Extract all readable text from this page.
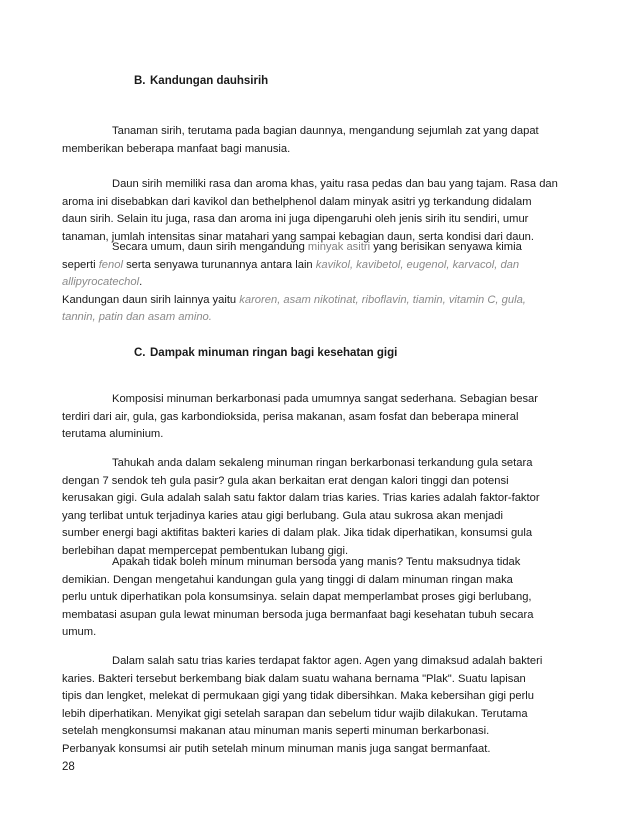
B. Kandungan dauhsirih
Tanaman sirih, terutama pada bagian daunnya, mengandung sejumlah zat yang dapat
memberikan beberapa manfaat bagi manusia.
Daun sirih memiliki rasa dan aroma khas, yaitu rasa pedas dan bau yang tajam. Rasa dan
aroma ini disebabkan dari kavikol dan bethelphenol dalam minyak asitri yg terkandung didalam
daun sirih. Selain itu juga, rasa dan aroma ini juga dipengaruhi oleh jenis sirih itu sendiri, umur
tanaman, jumlah intensitas sinar matahari yang sampai kebagian daun, serta kondisi dari daun.
Secara umum, daun sirih mengandung minyak asitri yang berisikan senyawa kimia
seperti fenol serta senyawa turunannya antara lain kavikol, kavibetol, eugenol, karvacol, dan
allipyrocatechol.
Kandungan daun sirih lainnya yaitu karoren, asam nikotinat, riboflavin, tiamin, vitamin C, gula,
tannin, patin dan asam amino.
C. Dampak minuman ringan bagi kesehatan gigi
Komposisi minuman berkarbonasi pada umumnya sangat sederhana. Sebagian besar
terdiri dari air, gula, gas karbondioksida, perisa makanan, asam fosfat dan beberapa mineral
terutama aluminium.
Tahukah anda dalam sekaleng minuman ringan berkarbonasi terkandung gula setara
dengan 7 sendok teh gula pasir? gula akan berkaitan erat dengan kalori tinggi dan potensi
kerusakan gigi. Gula adalah salah satu faktor dalam trias karies. Trias karies adalah faktor-faktor
yang terlibat untuk terjadinya karies atau gigi berlubang. Gula atau sukrosa akan menjadi
sumber energi bagi aktifitas bakteri karies di dalam plak. Jika tidak diperhatikan, konsumsi gula
berlebihan dapat mempercepat pembentukan lubang gigi.
Apakah tidak boleh minum minuman bersoda yang manis? Tentu maksudnya tidak
demikian. Dengan mengetahui kandungan gula yang tinggi di dalam minuman ringan maka
perlu untuk diperhatikan pola konsumsinya. selain dapat memperlambat proses gigi berlubang,
membatasi asupan gula lewat minuman bersoda juga bermanfaat bagi kesehatan tubuh secara
umum.
Dalam salah satu trias karies terdapat faktor agen. Agen yang dimaksud adalah bakteri
karies. Bakteri tersebut berkembang biak dalam suatu wahana bernama "Plak". Suatu lapisan
tipis dan lengket, melekat di permukaan gigi yang tidak dibersihkan. Maka kebersihan gigi perlu
lebih diperhatikan. Menyikat gigi setelah sarapan dan sebelum tidur wajib dilakukan. Terutama
setelah mengkonsumsi makanan atau minuman manis seperti minuman berkarbonasi.
Perbanyak konsumsi air putih setelah minum minuman manis juga sangat bermanfaat.
28
